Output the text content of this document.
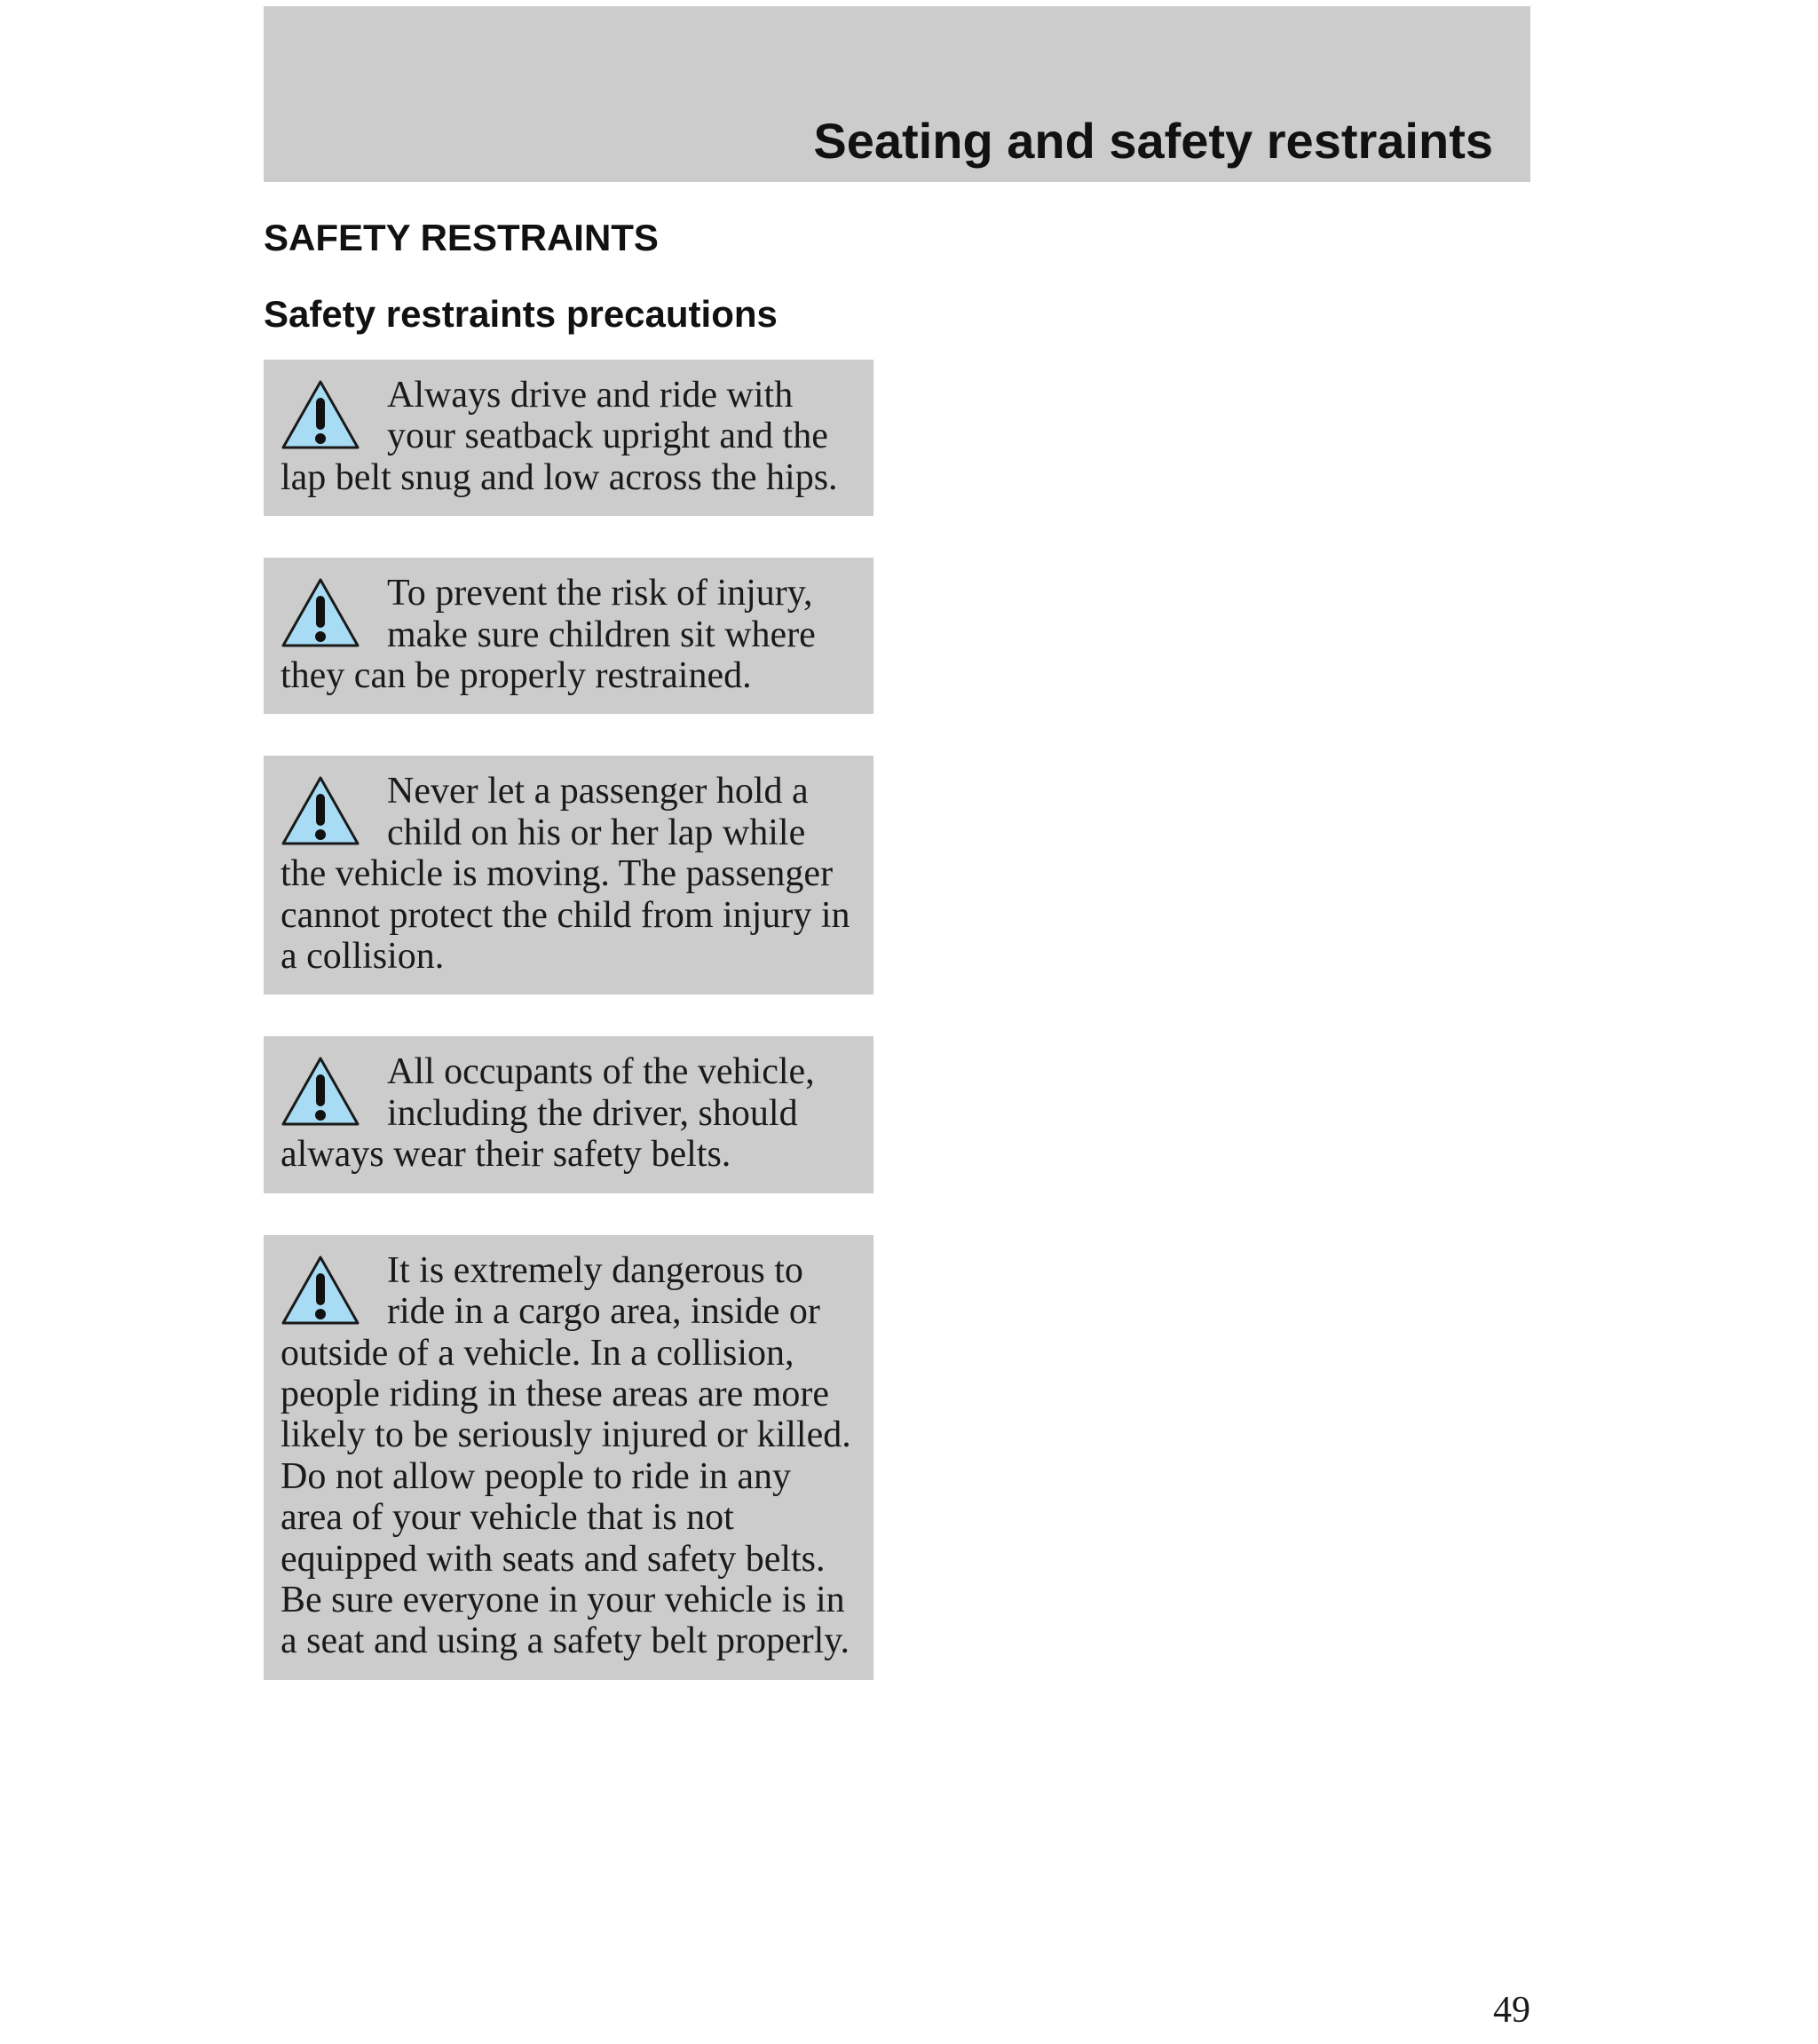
Seating and safety restraints
SAFETY RESTRAINTS
Safety restraints precautions
Always drive and ride with your seatback upright and the lap belt snug and low across the hips.
To prevent the risk of injury, make sure children sit where they can be properly restrained.
Never let a passenger hold a child on his or her lap while the vehicle is moving. The passenger cannot protect the child from injury in a collision.
All occupants of the vehicle, including the driver, should always wear their safety belts.
It is extremely dangerous to ride in a cargo area, inside or outside of a vehicle. In a collision, people riding in these areas are more likely to be seriously injured or killed. Do not allow people to ride in any area of your vehicle that is not equipped with seats and safety belts. Be sure everyone in your vehicle is in a seat and using a safety belt properly.

49
